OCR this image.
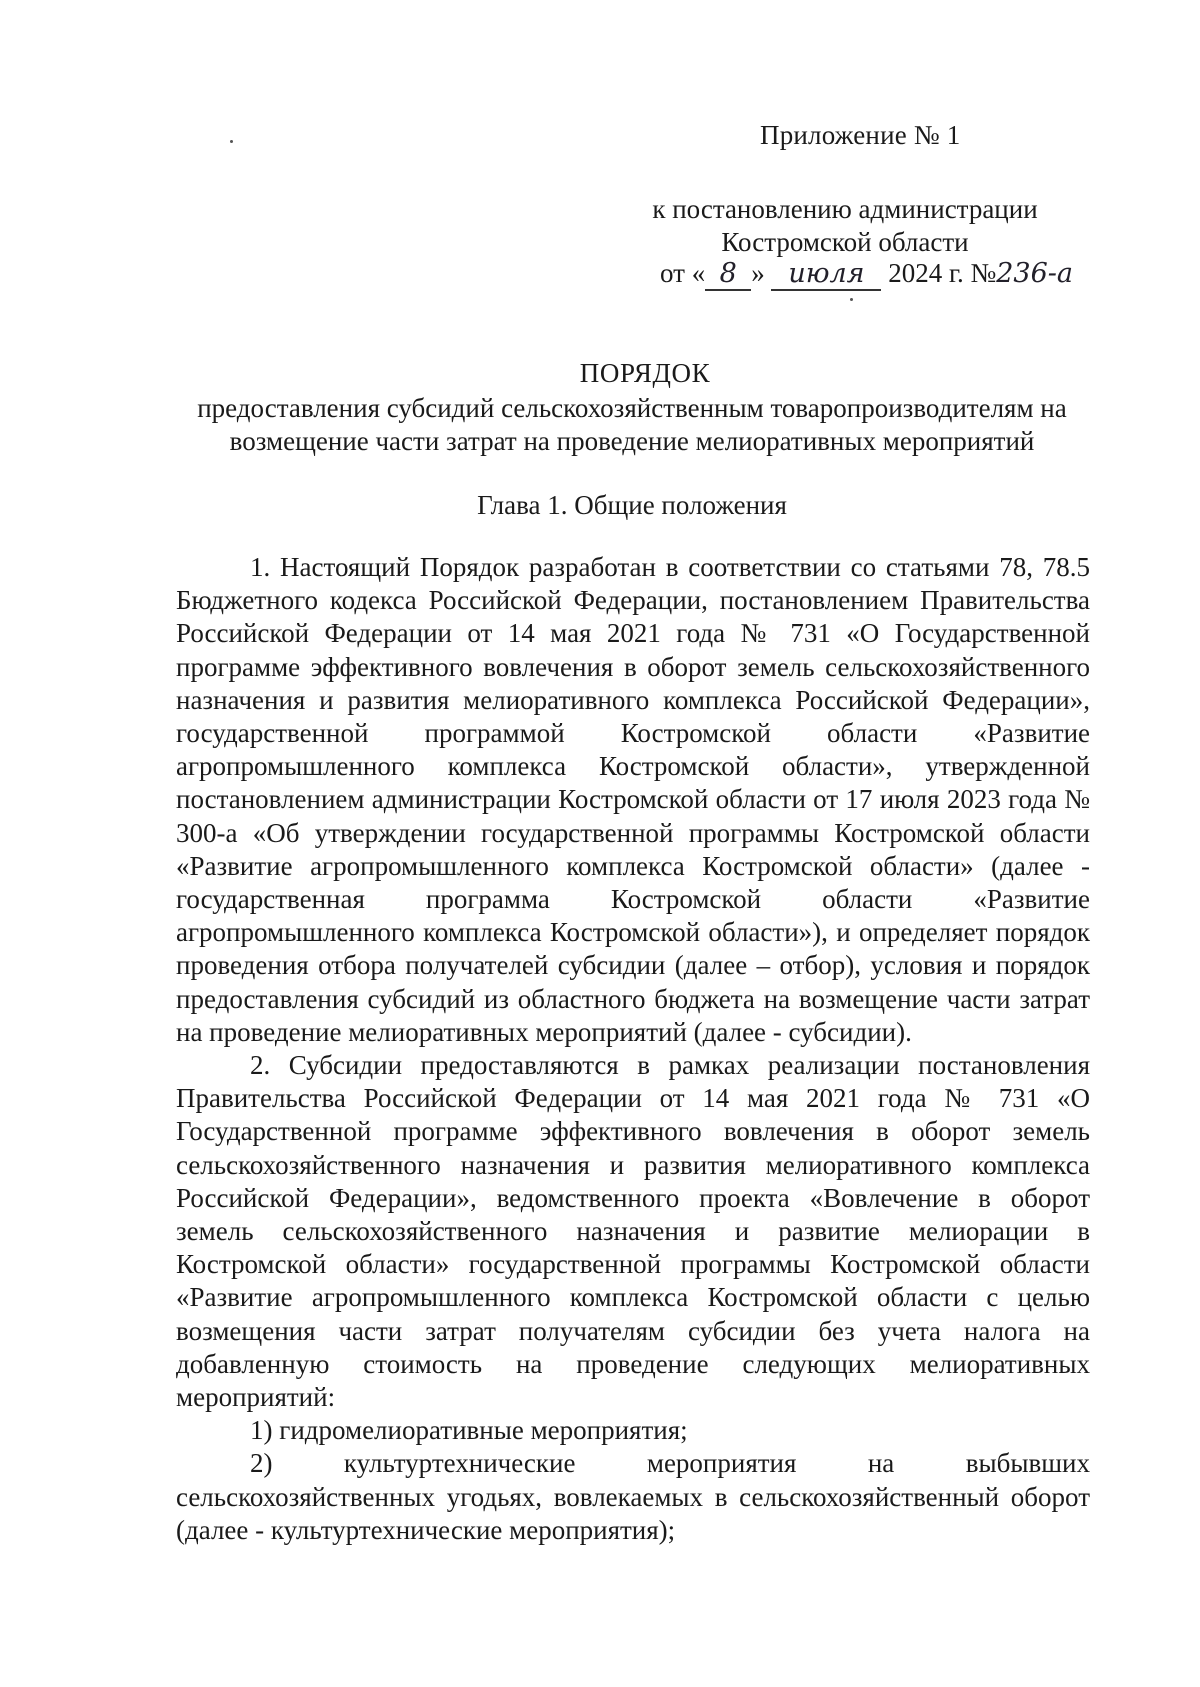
Приложение № 1
к постановлению администрации
Костромской области
от « 8 » июля 2024 г. №236-а
ПОРЯДОК
предоставления субсидий сельскохозяйственным товаропроизводителям на возмещение части затрат на проведение мелиоративных мероприятий
Глава 1. Общие положения

1. Настоящий Порядок разработан в соответствии со статьями 78, 78.5 Бюджетного кодекса Российской Федерации, постановлением Правительства Российской Федерации от 14 мая 2021 года № 731 «О Государственной программе эффективного вовлечения в оборот земель сельскохозяйственного назначения и развития мелиоративного комплекса Российской Федерации», государственной программой Костромской области «Развитие агропромышленного комплекса Костромской области», утвержденной постановлением администрации Костромской области от 17 июля 2023 года № 300-а «Об утверждении государственной программы Костромской области «Развитие агропромышленного комплекса Костромской области» (далее - государственная программа Костромской области «Развитие агропромышленного комплекса Костромской области»), и определяет порядок проведения отбора получателей субсидии (далее – отбор), условия и порядок предоставления субсидий из областного бюджета на возмещение части затрат на проведение мелиоративных мероприятий (далее - субсидии).

2. Субсидии предоставляются в рамках реализации постановления Правительства Российской Федерации от 14 мая 2021 года № 731 «О Государственной программе эффективного вовлечения в оборот земель сельскохозяйственного назначения и развития мелиоративного комплекса Российской Федерации», ведомственного проекта «Вовлечение в оборот земель сельскохозяйственного назначения и развитие мелиорации в Костромской области» государственной программы Костромской области «Развитие агропромышленного комплекса Костромской области с целью возмещения части затрат получателям субсидии без учета налога на добавленную стоимость на проведение следующих мелиоративных мероприятий:

1) гидромелиоративные мероприятия;

2) культуртехнические мероприятия на выбывших сельскохозяйственных угодьях, вовлекаемых в сельскохозяйственный оборот (далее - культуртехнические мероприятия);
